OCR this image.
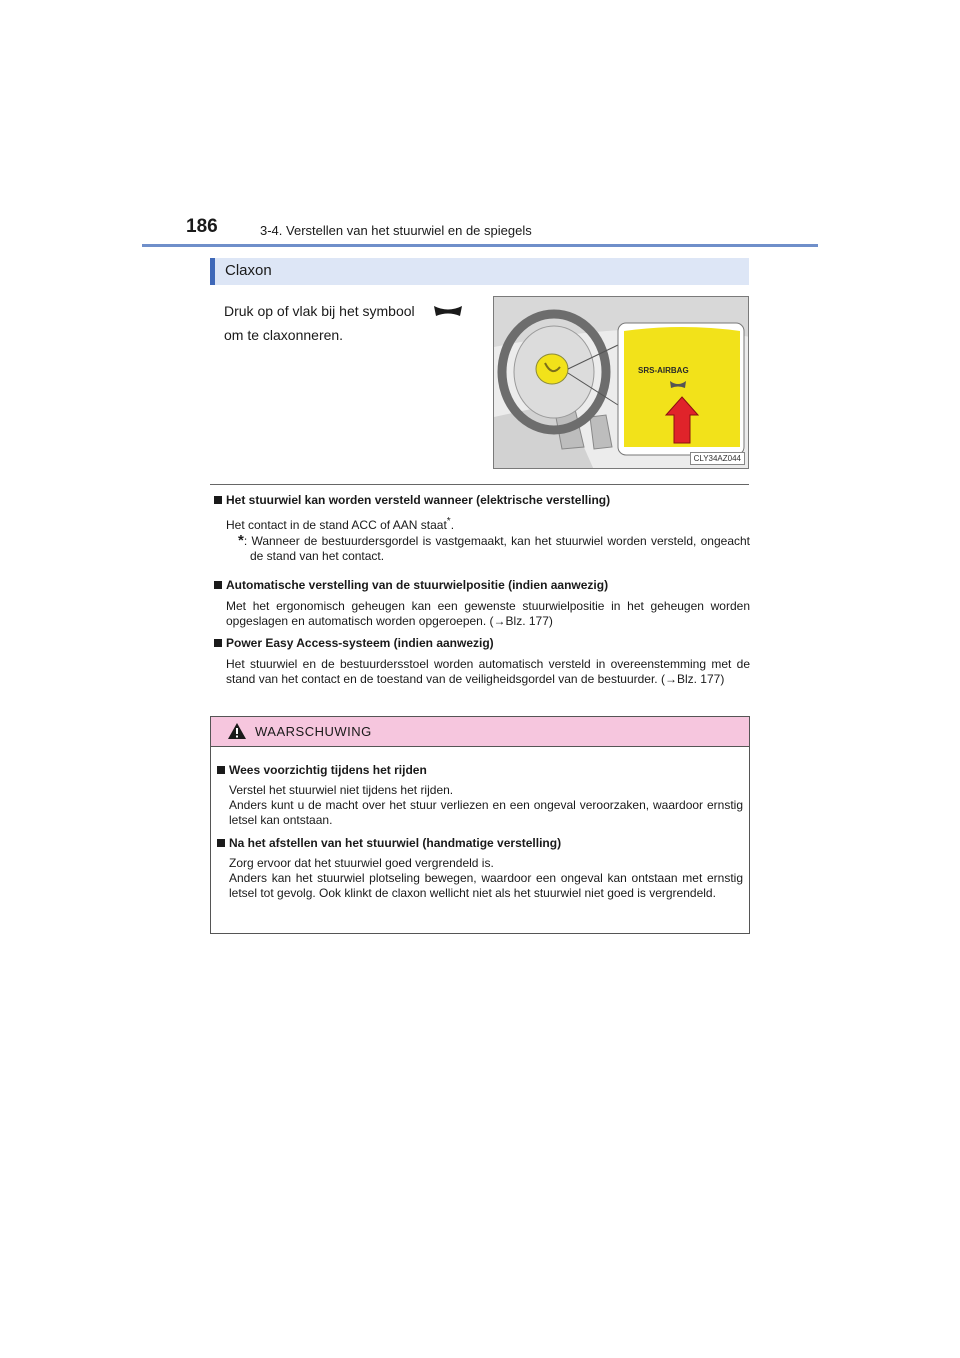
186	3-4. Verstellen van het stuurwiel en de spiegels
Claxon
Druk op of vlak bij het symbool
om te claxonneren.
SRS-AIRBAG
CLY34AZ044
Het stuurwiel kan worden versteld wanneer (elektrische verstelling)
Het contact in de stand ACC of AAN staat*.
*: Wanneer de bestuurdersgordel is vastgemaakt, kan het stuurwiel worden versteld, ongeacht de stand van het contact.
Automatische verstelling van de stuurwielpositie (indien aanwezig)
Met het ergonomisch geheugen kan een gewenste stuurwielpositie in het geheugen worden opgeslagen en automatisch worden opgeroepen. (→Blz. 177)
Power Easy Access-systeem (indien aanwezig)
Het stuurwiel en de bestuurdersstoel worden automatisch versteld in overeenstemming met de stand van het contact en de toestand van de veiligheidsgordel van de bestuurder. (→Blz. 177)
WAARSCHUWING
Wees voorzichtig tijdens het rijden
Verstel het stuurwiel niet tijdens het rijden.
Anders kunt u de macht over het stuur verliezen en een ongeval veroorzaken, waardoor ernstig letsel kan ontstaan.
Na het afstellen van het stuurwiel (handmatige verstelling)
Zorg ervoor dat het stuurwiel goed vergrendeld is.
Anders kan het stuurwiel plotseling bewegen, waardoor een ongeval kan ontstaan met ernstig letsel tot gevolg. Ook klinkt de claxon wellicht niet als het stuurwiel niet goed is vergrendeld.
